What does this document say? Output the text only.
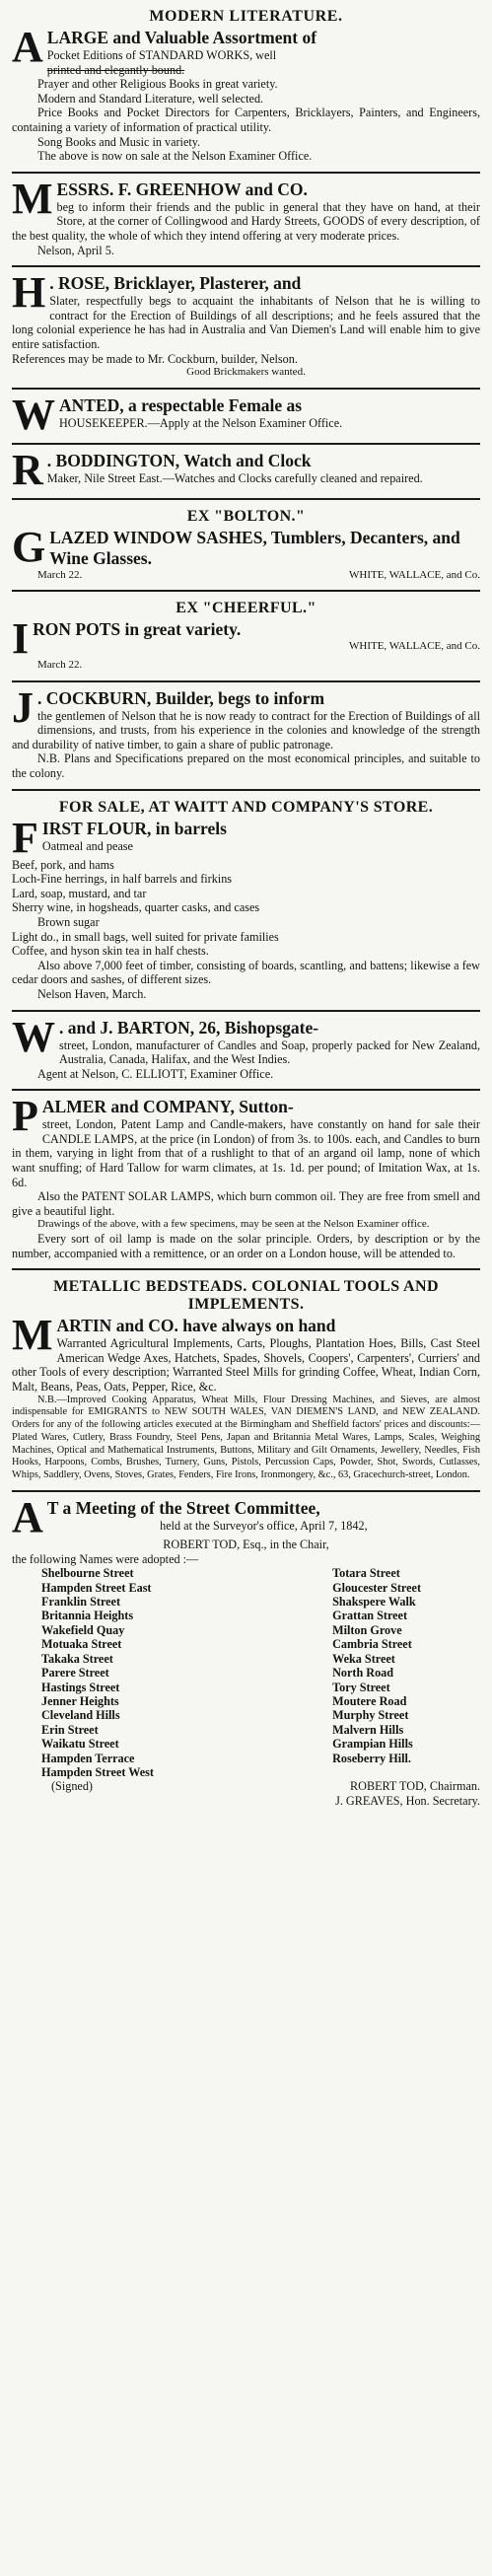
MODERN LITERATURE.

ALARGE and Valuable Assortment of

Pocket Editions of STANDARD WORKS, well

printed and elegantly bound.

Prayer and other Religious Books in great variety.

Modern and Standard Literature, well selected.

Price Books and Pocket Directors for Carpenters, Bricklayers, Painters, and Engineers, containing a variety of information of practical utility.

Song Books and Music in variety.

The above is now on sale at the Nelson Examiner Office.

MESSRS. F. GREENHOW and CO.

beg to inform their friends and the public in general that they have on hand, at their Store, at the corner of Collingwood and Hardy Streets, GOODS of every description, of the best quality, the whole of which they intend offering at very moderate prices.

Nelson, April 5.

H . ROSE, Bricklayer, Plasterer, and

Slater, respectfully begs to acquaint the inhabitants of Nelson that he is willing to contract for the Erection of Buildings of all descriptions; and he feels assured that the long colonial experience he has had in Australia and Van Diemen's Land will enable him to give entire satisfaction.

References may be made to Mr. Cockburn, builder, Nelson.

Good Brickmakers wanted.

WANTED, a respectable Female as

HOUSEKEEPER.—Apply at the Nelson Examiner Office.

R . BODDINGTON, Watch and Clock

Maker, Nile Street East.—Watches and Clocks carefully cleaned and repaired.

EX "BOLTON."

GLAZED WINDOW SASHES, Tumblers, Decanters, and Wine Glasses.

March 22.	WHITE, WALLACE, and Co.

EX "CHEERFUL."

IRON POTS in great variety.

WHITE, WALLACE, and Co.

March 22.

J . COCKBURN, Builder, begs to inform

the gentlemen of Nelson that he is now ready to contract for the Erection of Buildings of all dimensions, and trusts, from his experience in the colonies and knowledge of the strength and durability of native timber, to gain a share of public patronage.

N.B. Plans and Specifications prepared on the most economical principles, and suitable to the colony.

FOR SALE, AT WAITT AND COMPANY'S STORE.

FIRST FLOUR, in barrels

Oatmeal and pease

Beef, pork, and hams

Loch-Fine herrings, in half barrels and firkins

Lard, soap, mustard, and tar

Sherry wine, in hogsheads, quarter casks, and cases

Brown sugar

Light do., in small bags, well suited for private families

Coffee, and hyson skin tea in half chests.

Also above 7,000 feet of timber, consisting of boards, scantling, and battens; likewise a few cedar doors and sashes, of different sizes.

Nelson Haven, March.

W . and J. BARTON, 26, Bishopsgate-

street, London, manufacturer of Candles and Soap, properly packed for New Zealand, Australia, Canada, Halifax, and the West Indies.

Agent at Nelson, C. ELLIOTT, Examiner Office.

PALMER and COMPANY, Sutton-

street, London, Patent Lamp and Candle-makers, have constantly on hand for sale their CANDLE LAMPS, at the price (in London) of from 3s. to 100s. each, and Candles to burn in them, varying in light from that of a rushlight to that of an argand oil lamp, none of which want snuffing; of Hard Tallow for warm climates, at 1s. 1d. per pound; of Imitation Wax, at 1s. 6d.

Also the PATENT SOLAR LAMPS, which burn common oil. They are free from smell and give a beautiful light.

Drawings of the above, with a few specimens, may be seen at the Nelson Examiner office.

Every sort of oil lamp is made on the solar principle. Orders, by description or by the number, accompanied with a remittence, or an order on a London house, will be attended to.

METALLIC BEDSTEADS. COLONIAL TOOLS AND IMPLEMENTS.

MARTIN and CO. have always on hand

Warranted Agricultural Implements, Carts, Ploughs, Plantation Hoes, Bills, Cast Steel American Wedge Axes, Hatchets, Spades, Shovels, Coopers', Carpenters', Curriers' and other Tools of every description; Warranted Steel Mills for grinding Coffee, Wheat, Indian Corn, Malt, Beans, Peas, Oats, Pepper, Rice, &c.

N.B.—Improved Cooking Apparatus, Wheat Mills, Flour Dressing Machines, and Sieves, are almost indispensable for EMIGRANTS to NEW SOUTH WALES, VAN DIEMEN'S LAND, and NEW ZEALAND. Orders for any of the following articles executed at the Birmingham and Sheffield factors' prices and discounts:—Plated Wares, Cutlery, Brass Foundry, Steel Pens, Japan and Britannia Metal Wares, Lamps, Scales, Weighing Machines, Optical and Mathematical Instruments, Buttons, Military and Gilt Ornaments, Jewellery, Needles, Fish Hooks, Harpoons, Combs, Brushes, Turnery, Guns, Pistols, Percussion Caps, Powder, Shot, Swords, Cutlasses, Whips, Saddlery, Ovens, Stoves, Grates, Fenders, Fire Irons, Ironmongery, &c., 63, Gracechurch-street, London.

A T a Meeting of the Street Committee,

held at the Surveyor's office, April 7, 1842,

ROBERT TOD, Esq., in the Chair,

the following Names were adopted :—

Shelbourne Street
Hampden Street East
Franklin Street
Britannia Heights
Wakefield Quay
Motuaka Street
Takaka Street
Parere Street
Hastings Street
Jenner Heights
Cleveland Hills
Erin Street
Waikatu Street
Hampden Terrace
Hampden Street West
Totara Street
Gloucester Street
Shakspere Walk
Grattan Street
Milton Grove
Cambria Street
Weka Street
North Road
Tory Street
Moutere Road
Murphy Street
Malvern Hills
Grampian Hills
Roseberry Hill.
(Signed)	ROBERT TOD, Chairman.

J. GREAVES, Hon. Secretary.
